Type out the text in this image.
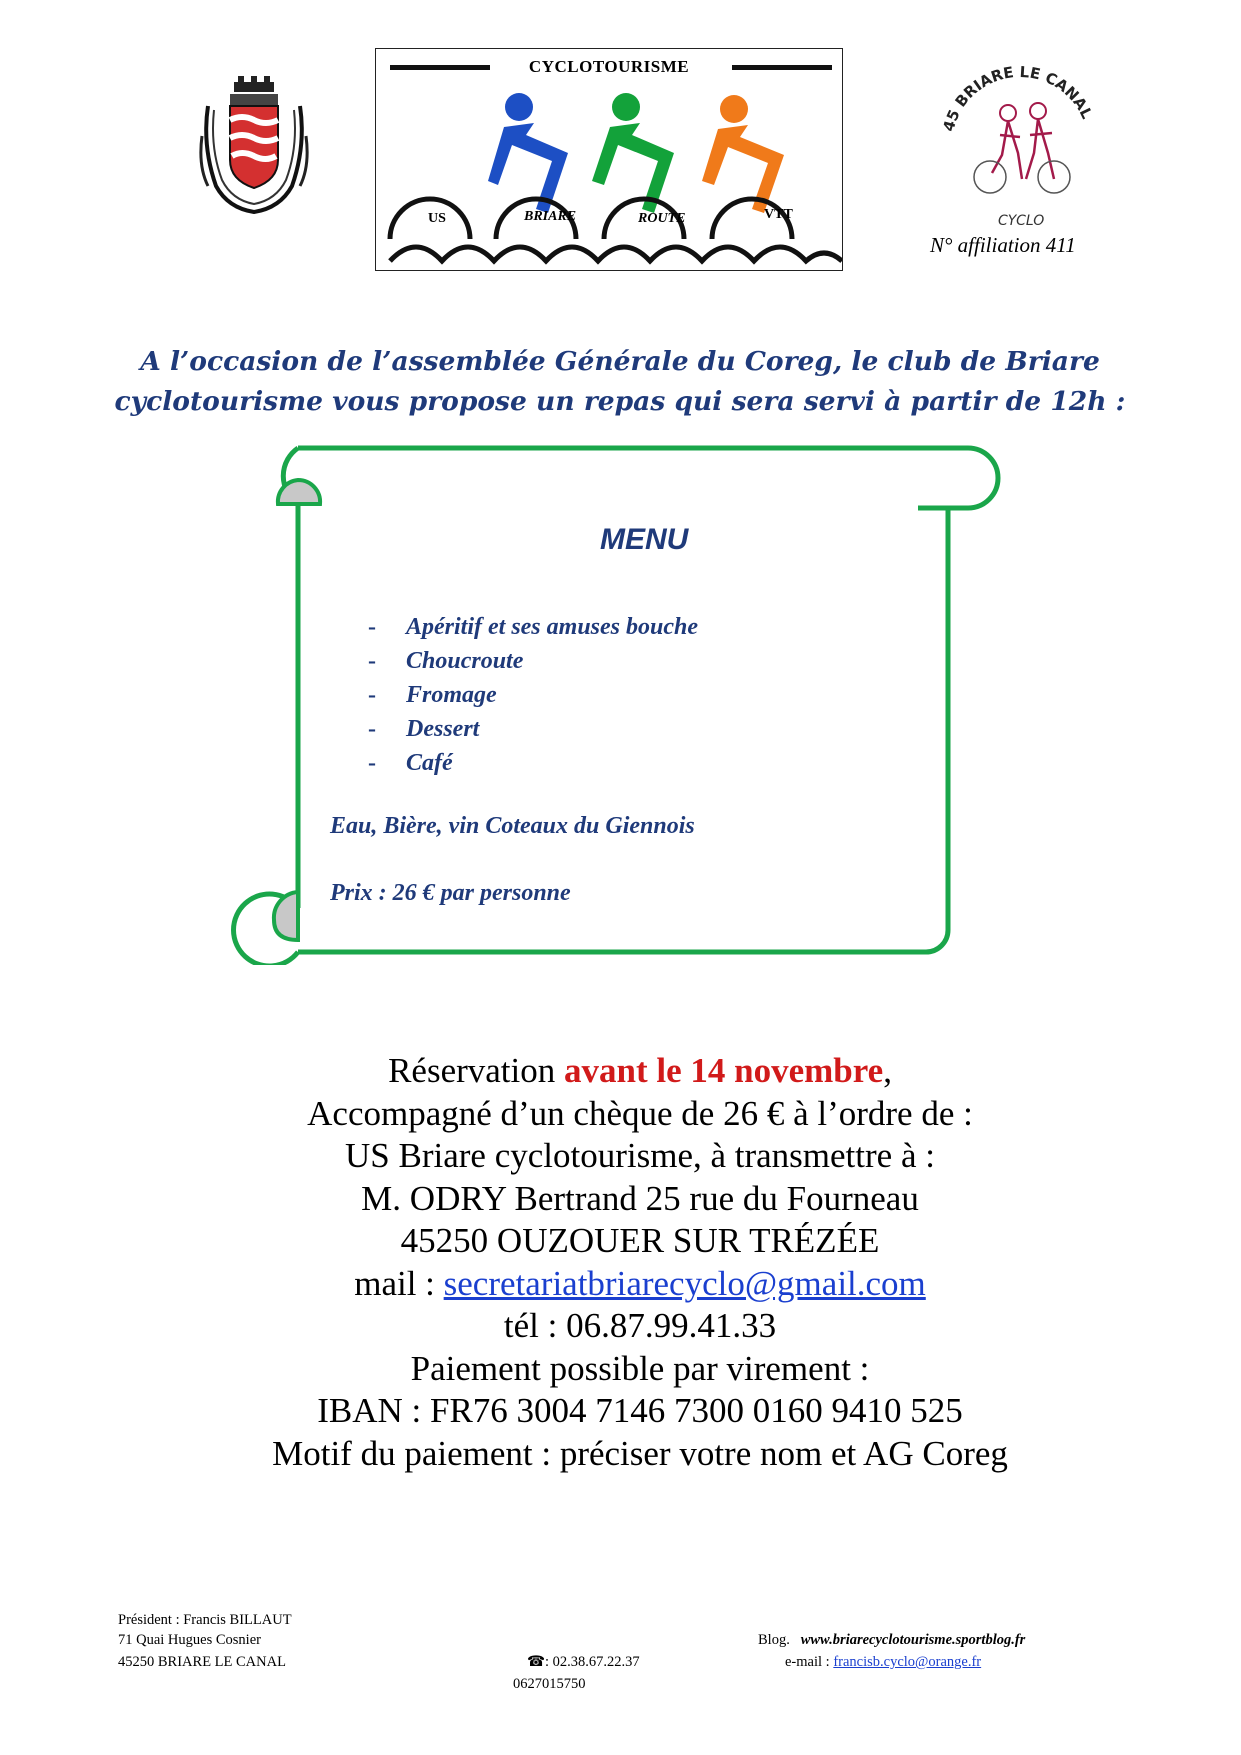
CYCLOTOURISME
US	BRIARE	ROUTE	VTT
45 BRIARE LE CANAL
CYCLO
N° affiliation 411
A l’occasion de l’assemblée Générale du Coreg, le club de Briare
cyclotourisme vous propose un repas qui sera servi à partir de 12h :
MENU
- Apéritif et ses amuses bouche
- Choucroute
- Fromage
- Dessert
- Café
Eau, Bière, vin Coteaux du Giennois
Prix : 26 € par personne
Réservation avant le 14 novembre,
Accompagné d’un chèque de 26 € à l’ordre de :
US Briare cyclotourisme, à transmettre à :
M. ODRY Bertrand 25 rue du Fourneau
45250 OUZOUER SUR TRÉZÉE
mail : secretariatbriarecyclo@gmail.com
tél : 06.87.99.41.33
Paiement possible par virement :
IBAN : FR76 3004 7146 7300 0160 9410 525
Motif du paiement : préciser votre nom et AG Coreg
Président : Francis BILLAUT
71 Quai Hugues Cosnier
45250 BRIARE LE CANAL	☎: 02.38.67.22.37
0627015750
Blog. www.briarecyclotourisme.sportblog.fr
e-mail : francisb.cyclo@orange.fr
